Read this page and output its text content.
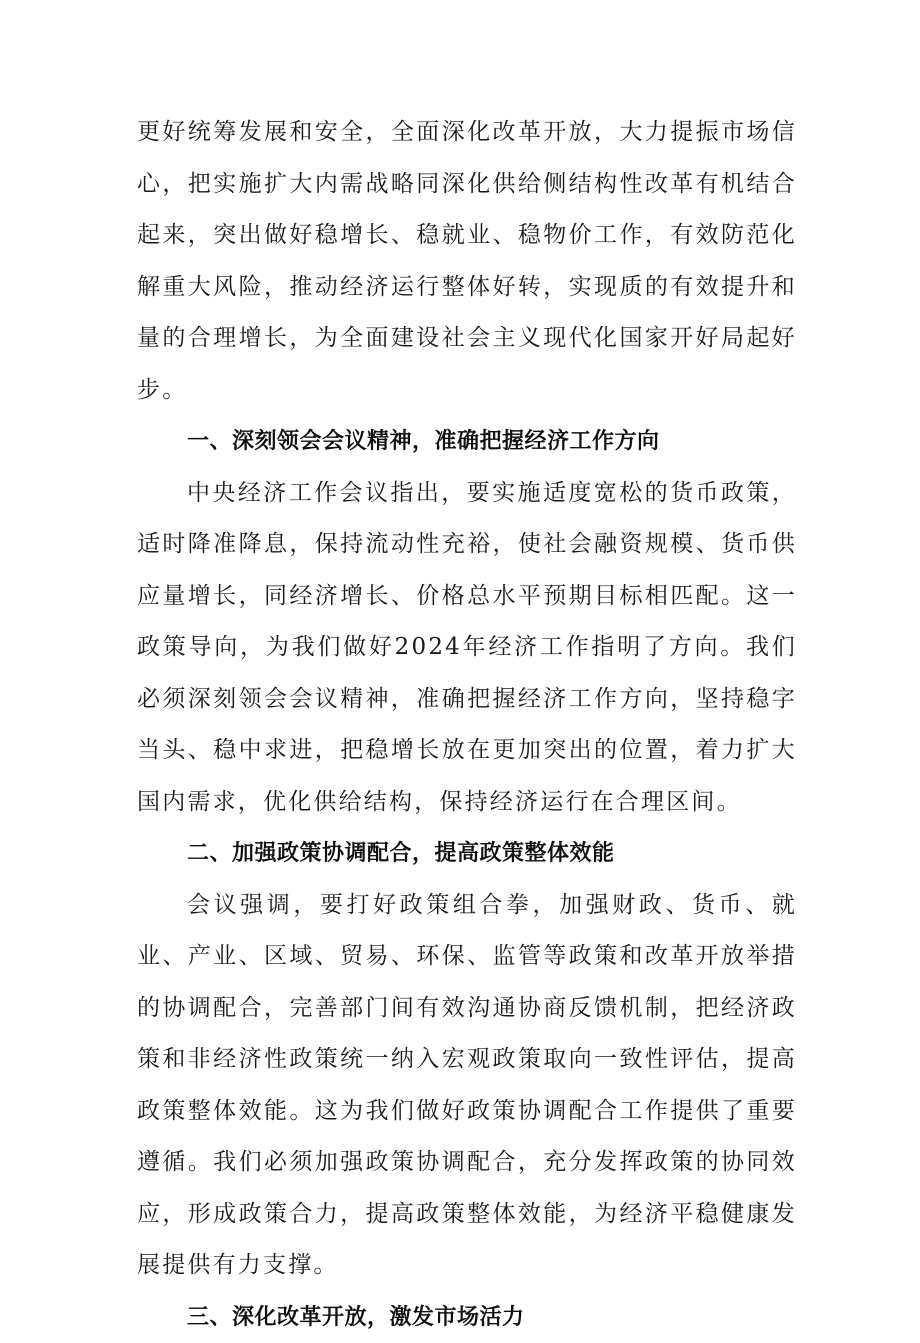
更好统筹发展和安全，全面深化改革开放，大力提振市场信心，把实施扩大内需战略同深化供给侧结构性改革有机结合起来，突出做好稳增长、稳就业、稳物价工作，有效防范化解重大风险，推动经济运行整体好转，实现质的有效提升和量的合理增长，为全面建设社会主义现代化国家开好局起好步。

一、深刻领会会议精神，准确把握经济工作方向

中央经济工作会议指出，要实施适度宽松的货币政策，适时降准降息，保持流动性充裕，使社会融资规模、货币供应量增长，同经济增长、价格总水平预期目标相匹配。这一政策导向，为我们做好2024年经济工作指明了方向。我们必须深刻领会会议精神，准确把握经济工作方向，坚持稳字当头、稳中求进，把稳增长放在更加突出的位置，着力扩大国内需求，优化供给结构，保持经济运行在合理区间。

二、加强政策协调配合，提高政策整体效能

会议强调，要打好政策组合拳，加强财政、货币、就业、产业、区域、贸易、环保、监管等政策和改革开放举措的协调配合，完善部门间有效沟通协商反馈机制，把经济政策和非经济性政策统一纳入宏观政策取向一致性评估，提高政策整体效能。这为我们做好政策协调配合工作提供了重要遵循。我们必须加强政策协调配合，充分发挥政策的协同效应，形成政策合力，提高政策整体效能，为经济平稳健康发展提供有力支撑。

三、深化改革开放，激发市场活力
